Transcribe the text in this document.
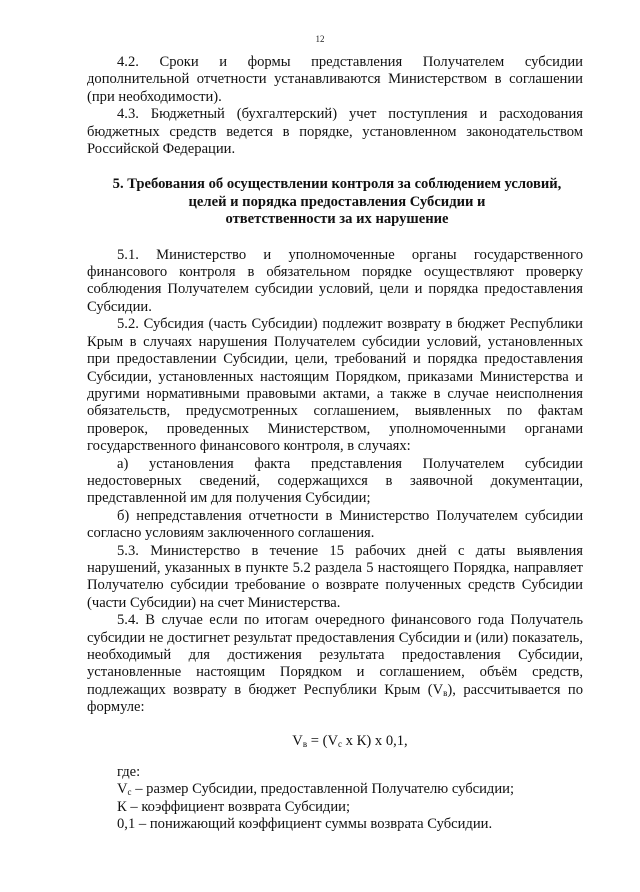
12

4.2. Сроки и формы представления Получателем субсидии дополнительной отчетности устанавливаются Министерством в соглашении (при необходимости).

4.3. Бюджетный (бухгалтерский) учет поступления и расходования бюджетных средств ведется в порядке, установленном законодательством Российской Федерации.

5. Требования об осуществлении контроля за соблюдением условий,

целей и порядка предоставления Субсидии и

ответственности за их нарушение

5.1. Министерство и уполномоченные органы государственного финансового контроля в обязательном порядке осуществляют проверку соблюдения Получателем субсидии условий, цели и порядка предоставления Субсидии.

5.2. Субсидия (часть Субсидии) подлежит возврату в бюджет Республики Крым в случаях нарушения Получателем субсидии условий, установленных при предоставлении Субсидии, цели, требований и порядка предоставления Субсидии, установленных настоящим Порядком, приказами Министерства и другими нормативными правовыми актами, а также в случае неисполнения обязательств, предусмотренных соглашением, выявленных по фактам проверок, проведенных Министерством, уполномоченными органами государственного финансового контроля, в случаях:

а) установления факта представления Получателем субсидии недостоверных сведений, содержащихся в заявочной документации, представленной им для получения Субсидии;

б) непредставления отчетности в Министерство Получателем субсидии согласно условиям заключенного соглашения.

5.3. Министерство в течение 15 рабочих дней с даты выявления нарушений, указанных в пункте 5.2 раздела 5 настоящего Порядка, направляет Получателю субсидии требование о возврате полученных средств Субсидии (части Субсидии) на счет Министерства.

5.4. В случае если по итогам очередного финансового года Получатель субсидии не достигнет результат предоставления Субсидии и (или) показатель, необходимый для достижения результата предоставления Субсидии, установленные настоящим Порядком и соглашением, объём средств, подлежащих возврату в бюджет Республики Крым $(V_в)$, рассчитывается по формуле:

$V_в = (V_с$ х К) х 0,1,

где:

$V_с$ – размер Субсидии, предоставленной Получателю субсидии;

К – коэффициент возврата Субсидии;

0,1 – понижающий коэффициент суммы возврата Субсидии.
